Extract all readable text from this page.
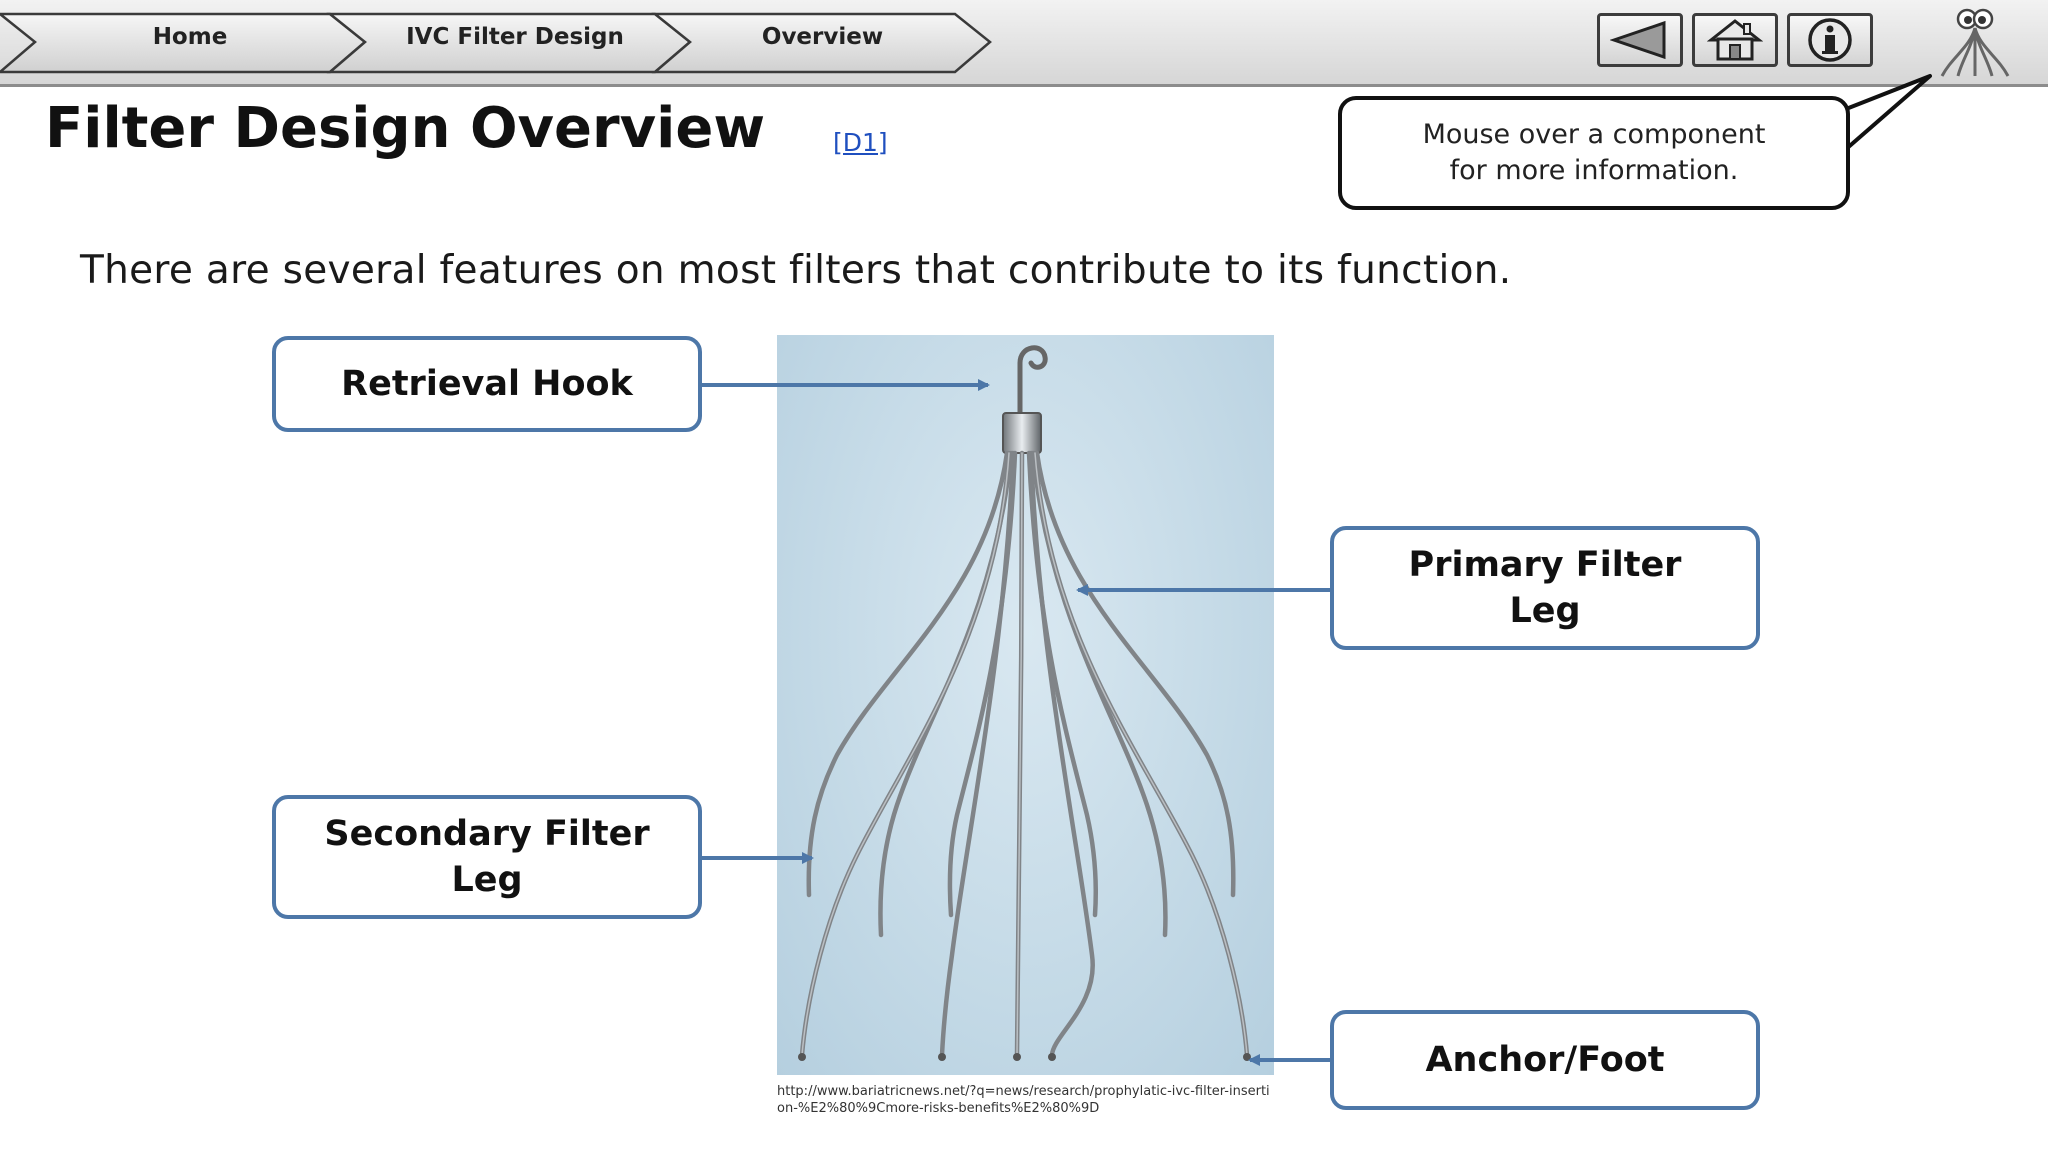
Home	IVC Filter Design	Overview
Filter Design Overview	[D1]	Mouse over a component
for more information.
There are several features on most filters that contribute to its function.
http://www.bariatricnews.net/?q=news/research/prophylatic-ivc-filter-insertion-%E2%80%9Cmore-risks-benefits%E2%80%9D
Retrieval Hook
Primary Filter
Leg
Secondary Filter
Leg
Anchor/Foot
